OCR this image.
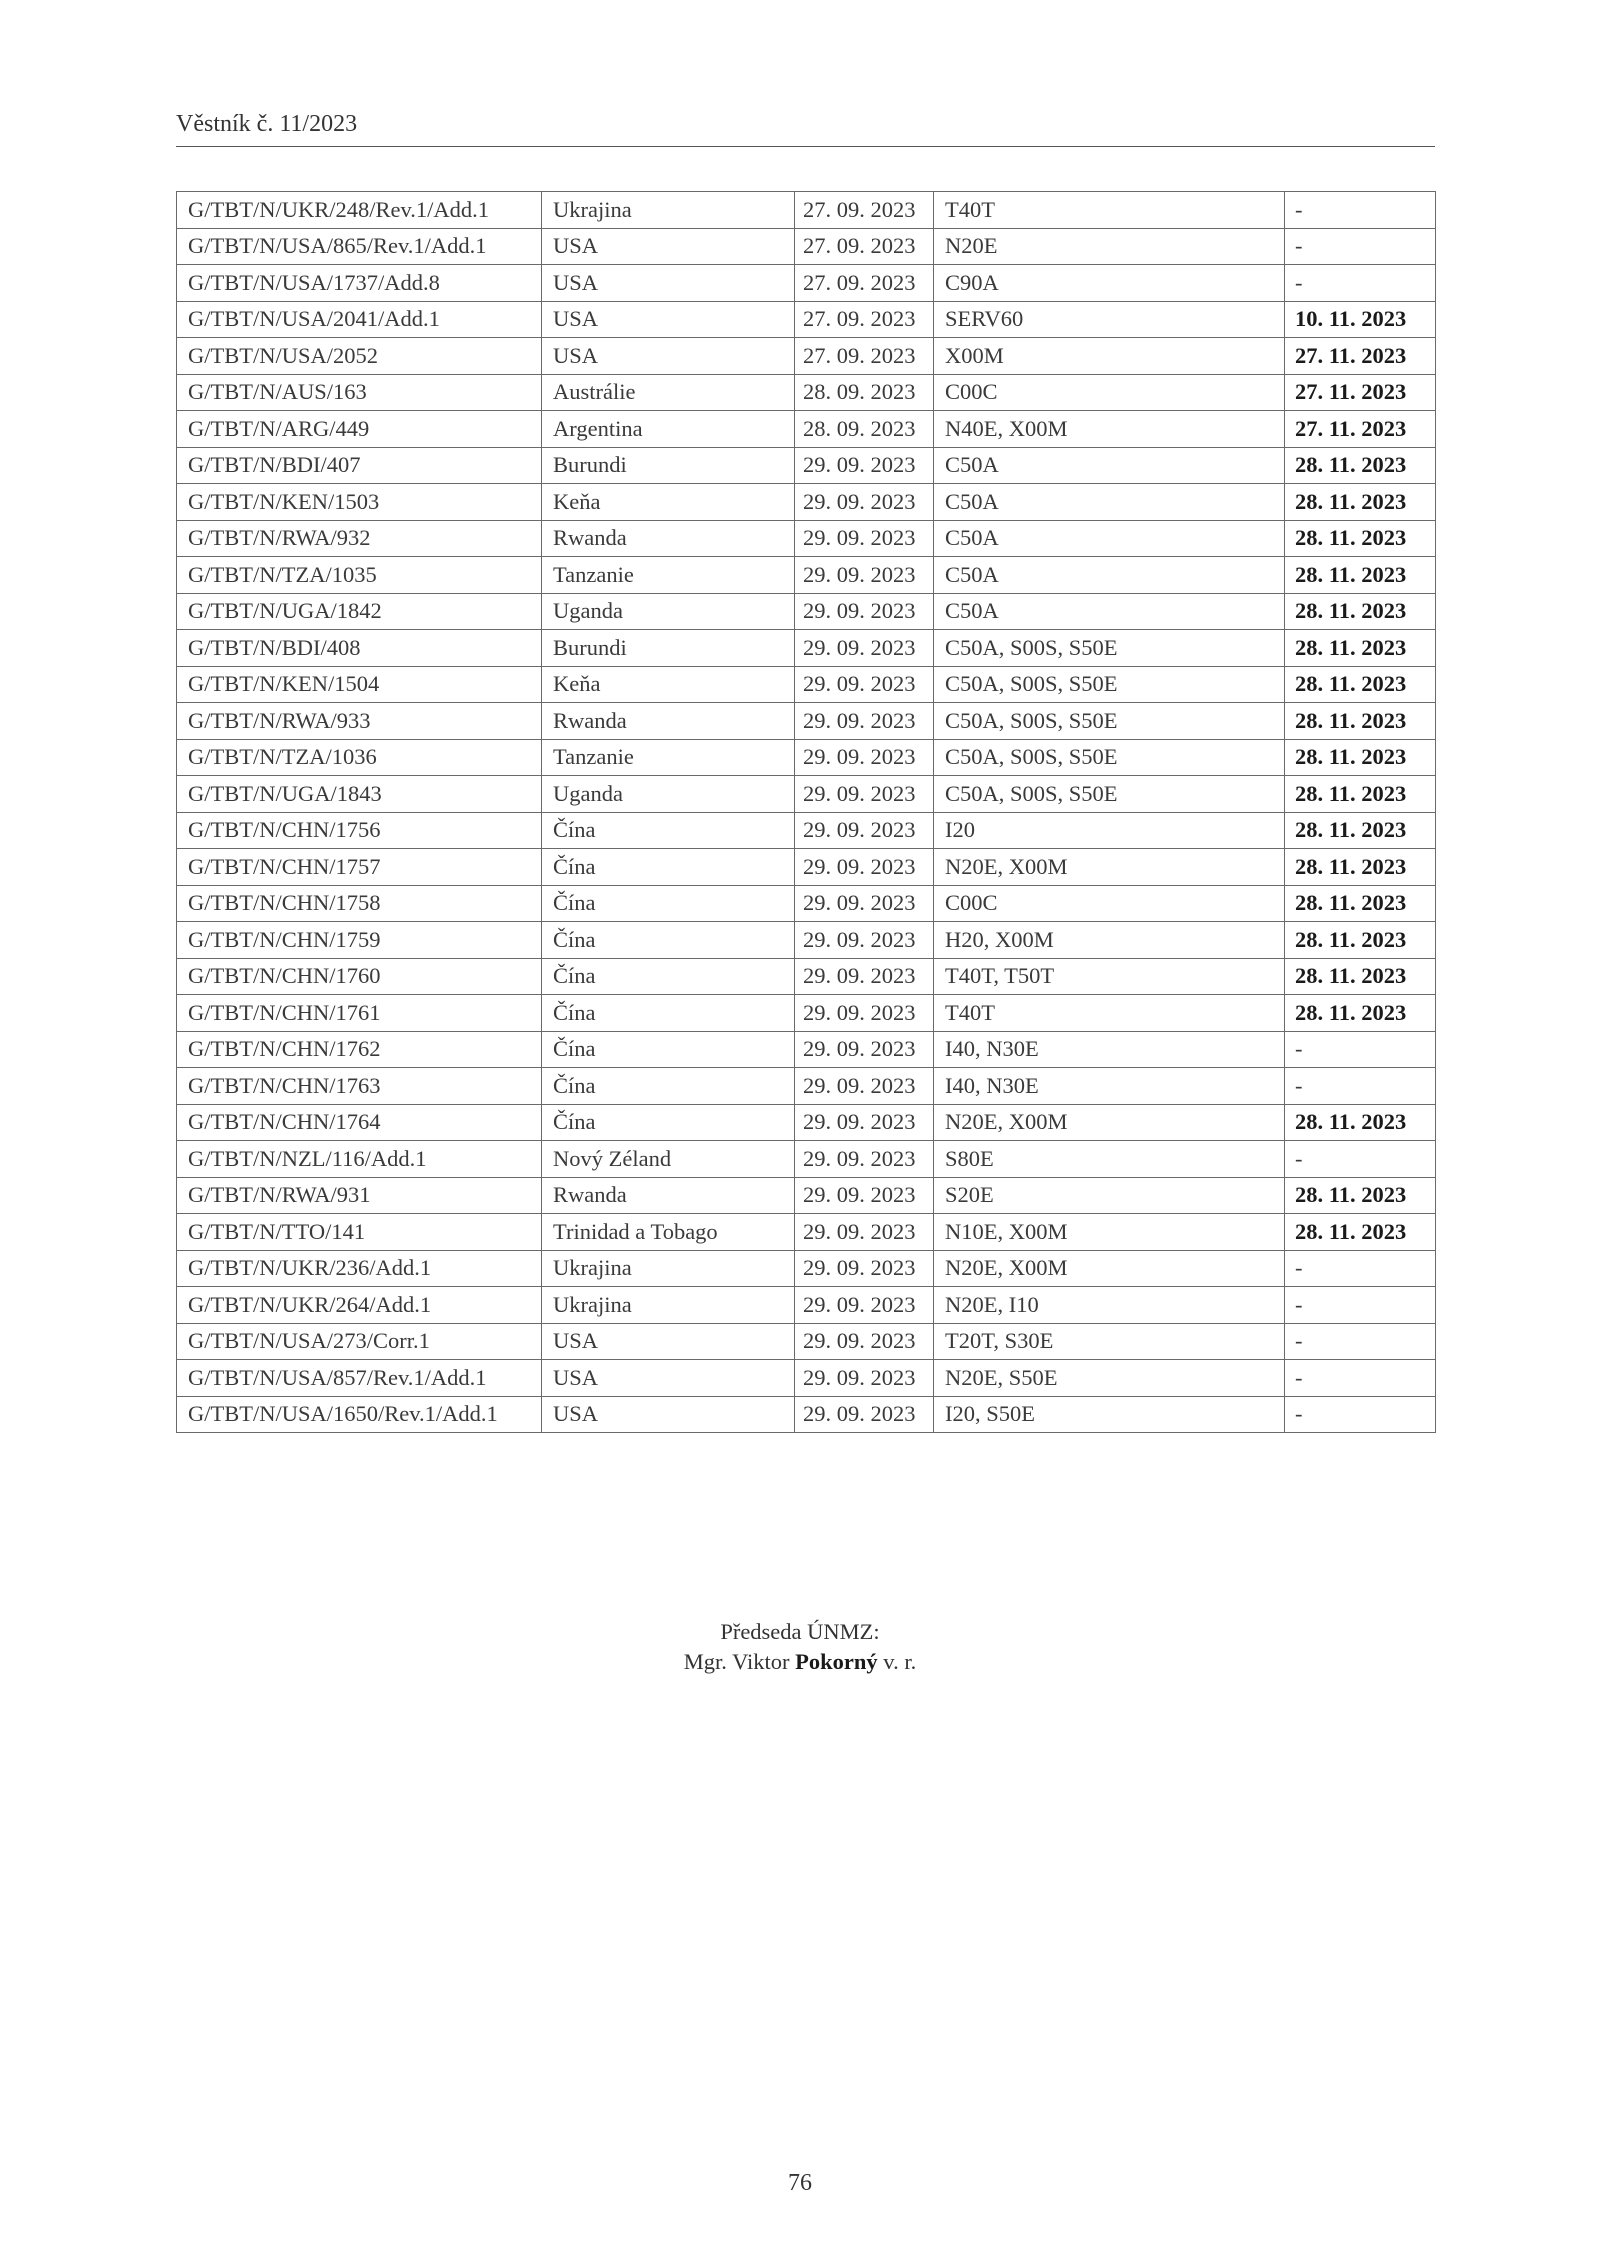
Věstník č. 11/2023
G/TBT/N/UKR/248/Rev.1/Add.1	Ukrajina	27. 09. 2023	T40T	-
G/TBT/N/USA/865/Rev.1/Add.1	USA	27. 09. 2023	N20E	-
G/TBT/N/USA/1737/Add.8	USA	27. 09. 2023	C90A	-
G/TBT/N/USA/2041/Add.1	USA	27. 09. 2023	SERV60	10. 11. 2023
G/TBT/N/USA/2052	USA	27. 09. 2023	X00M	27. 11. 2023
G/TBT/N/AUS/163	Austrálie	28. 09. 2023	C00C	27. 11. 2023
G/TBT/N/ARG/449	Argentina	28. 09. 2023	N40E, X00M	27. 11. 2023
G/TBT/N/BDI/407	Burundi	29. 09. 2023	C50A	28. 11. 2023
G/TBT/N/KEN/1503	Keňa	29. 09. 2023	C50A	28. 11. 2023
G/TBT/N/RWA/932	Rwanda	29. 09. 2023	C50A	28. 11. 2023
G/TBT/N/TZA/1035	Tanzanie	29. 09. 2023	C50A	28. 11. 2023
G/TBT/N/UGA/1842	Uganda	29. 09. 2023	C50A	28. 11. 2023
G/TBT/N/BDI/408	Burundi	29. 09. 2023	C50A, S00S, S50E	28. 11. 2023
G/TBT/N/KEN/1504	Keňa	29. 09. 2023	C50A, S00S, S50E	28. 11. 2023
G/TBT/N/RWA/933	Rwanda	29. 09. 2023	C50A, S00S, S50E	28. 11. 2023
G/TBT/N/TZA/1036	Tanzanie	29. 09. 2023	C50A, S00S, S50E	28. 11. 2023
G/TBT/N/UGA/1843	Uganda	29. 09. 2023	C50A, S00S, S50E	28. 11. 2023
G/TBT/N/CHN/1756	Čína	29. 09. 2023	I20	28. 11. 2023
G/TBT/N/CHN/1757	Čína	29. 09. 2023	N20E, X00M	28. 11. 2023
G/TBT/N/CHN/1758	Čína	29. 09. 2023	C00C	28. 11. 2023
G/TBT/N/CHN/1759	Čína	29. 09. 2023	H20, X00M	28. 11. 2023
G/TBT/N/CHN/1760	Čína	29. 09. 2023	T40T, T50T	28. 11. 2023
G/TBT/N/CHN/1761	Čína	29. 09. 2023	T40T	28. 11. 2023
G/TBT/N/CHN/1762	Čína	29. 09. 2023	I40, N30E	-
G/TBT/N/CHN/1763	Čína	29. 09. 2023	I40, N30E	-
G/TBT/N/CHN/1764	Čína	29. 09. 2023	N20E, X00M	28. 11. 2023
G/TBT/N/NZL/116/Add.1	Nový Zéland	29. 09. 2023	S80E	-
G/TBT/N/RWA/931	Rwanda	29. 09. 2023	S20E	28. 11. 2023
G/TBT/N/TTO/141	Trinidad a Tobago	29. 09. 2023	N10E, X00M	28. 11. 2023
G/TBT/N/UKR/236/Add.1	Ukrajina	29. 09. 2023	N20E, X00M	-
G/TBT/N/UKR/264/Add.1	Ukrajina	29. 09. 2023	N20E, I10	-
G/TBT/N/USA/273/Corr.1	USA	29. 09. 2023	T20T, S30E	-
G/TBT/N/USA/857/Rev.1/Add.1	USA	29. 09. 2023	N20E, S50E	-
G/TBT/N/USA/1650/Rev.1/Add.1	USA	29. 09. 2023	I20, S50E	-
Předseda ÚNMZ:
Mgr. Viktor Pokorný v. r.
76
